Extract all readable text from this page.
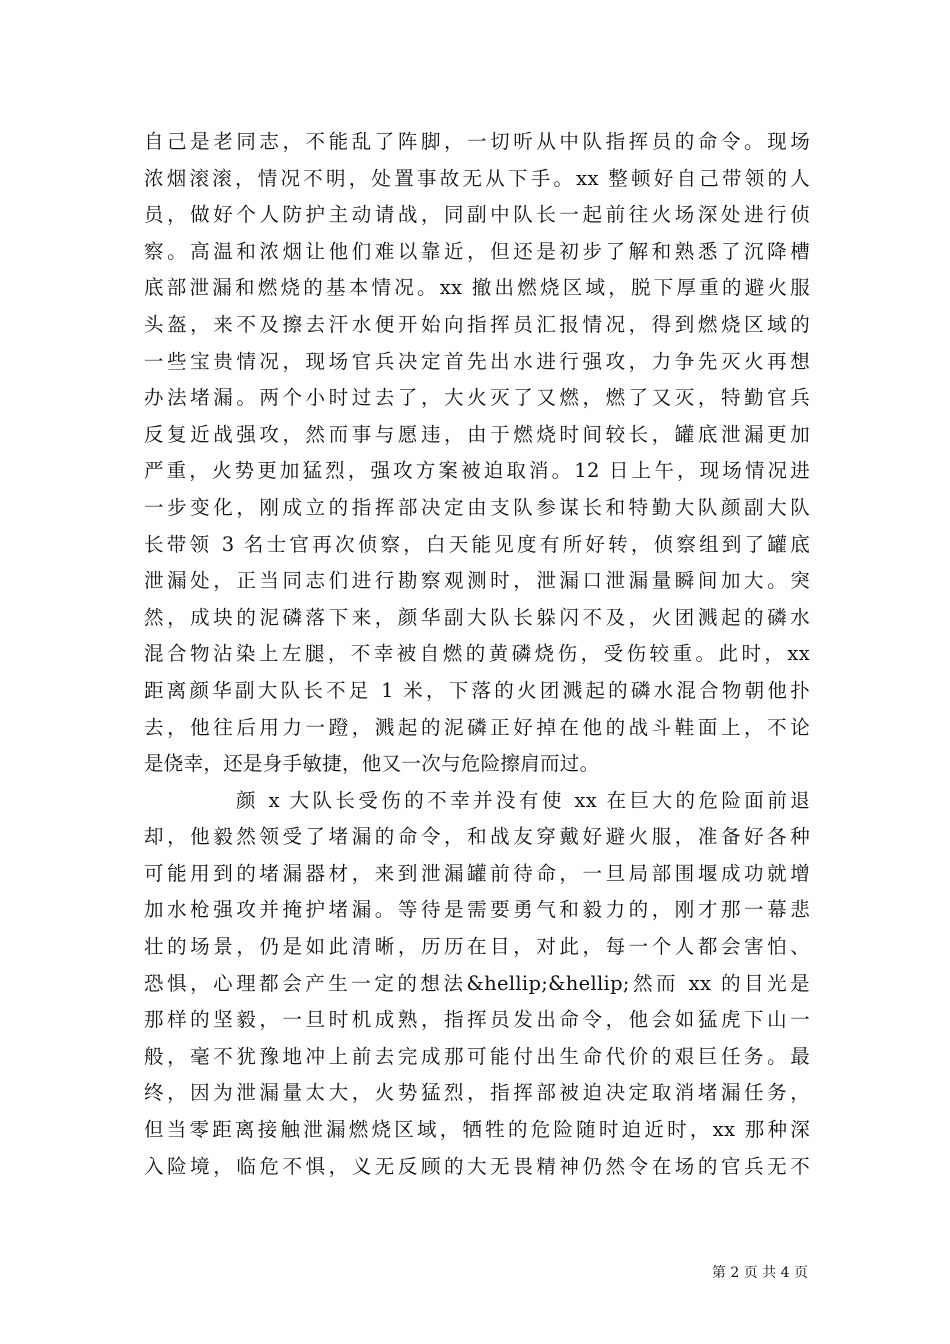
自己是老同志，不能乱了阵脚，一切听从中队指挥员的命令。现场
浓烟滚滚，情况不明，处置事故无从下手。xx 整顿好自己带领的人
员，做好个人防护主动请战，同副中队长一起前往火场深处进行侦
察。高温和浓烟让他们难以靠近，但还是初步了解和熟悉了沉降槽
底部泄漏和燃烧的基本情况。xx 撤出燃烧区域，脱下厚重的避火服
头盔，来不及擦去汗水便开始向指挥员汇报情况，得到燃烧区域的
一些宝贵情况，现场官兵决定首先出水进行强攻，力争先灭火再想
办法堵漏。两个小时过去了，大火灭了又燃，燃了又灭，特勤官兵
反复近战强攻，然而事与愿违，由于燃烧时间较长，罐底泄漏更加
严重，火势更加猛烈，强攻方案被迫取消。12 日上午，现场情况进
一步变化，刚成立的指挥部决定由支队参谋长和特勤大队颜副大队
长带领 3 名士官再次侦察，白天能见度有所好转，侦察组到了罐底
泄漏处，正当同志们进行勘察观测时，泄漏口泄漏量瞬间加大。突
然，成块的泥磷落下来，颜华副大队长躲闪不及，火团溅起的磷水
混合物沾染上左腿，不幸被自燃的黄磷烧伤，受伤较重。此时，xx
距离颜华副大队长不足 1 米，下落的火团溅起的磷水混合物朝他扑
去，他往后用力一蹬，溅起的泥磷正好掉在他的战斗鞋面上，不论
是侥幸，还是身手敏捷，他又一次与危险擦肩而过。
颜 x 大队长受伤的不幸并没有使 xx 在巨大的危险面前退
却，他毅然领受了堵漏的命令，和战友穿戴好避火服，准备好各种
可能用到的堵漏器材，来到泄漏罐前待命，一旦局部围堰成功就增
加水枪强攻并掩护堵漏。等待是需要勇气和毅力的，刚才那一幕悲
壮的场景，仍是如此清晰，历历在目，对此，每一个人都会害怕、
恐惧，心理都会产生一定的想法&hellip;&hellip;然而 xx 的目光是
那样的坚毅，一旦时机成熟，指挥员发出命令，他会如猛虎下山一
般，毫不犹豫地冲上前去完成那可能付出生命代价的艰巨任务。最
终，因为泄漏量太大，火势猛烈，指挥部被迫决定取消堵漏任务，
但当零距离接触泄漏燃烧区域，牺牲的危险随时迫近时，xx 那种深
入险境，临危不惧，义无反顾的大无畏精神仍然令在场的官兵无不
第 2 页 共 4 页
